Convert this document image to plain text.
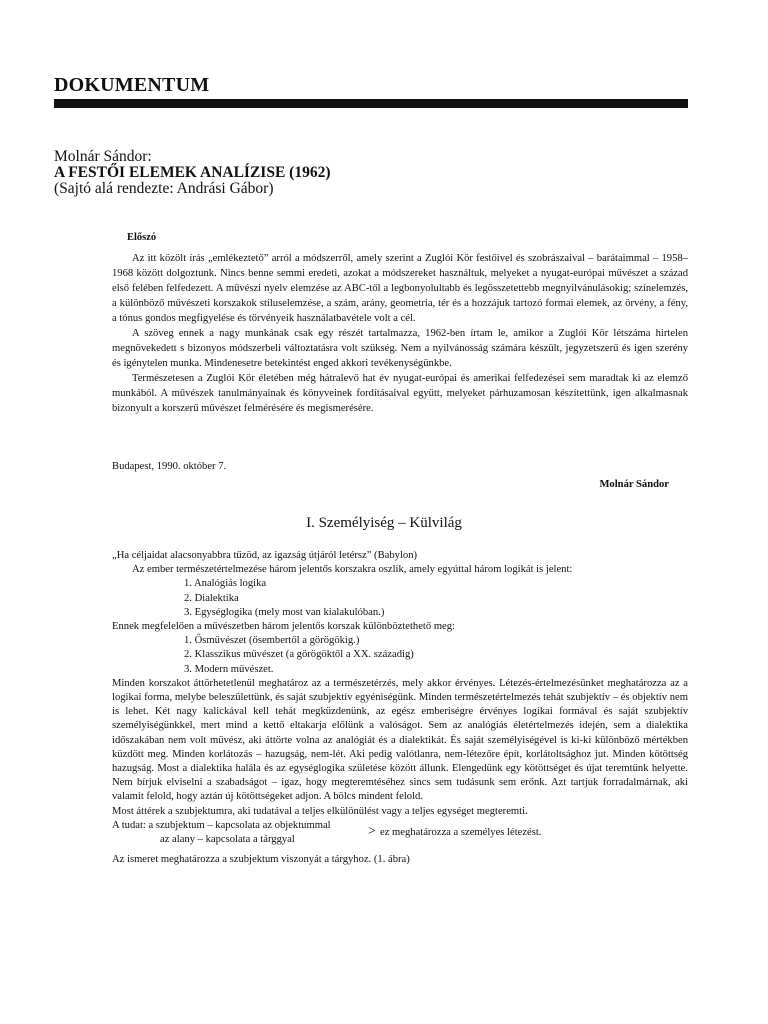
DOKUMENTUM
Molnár Sándor:
A FESTŐI ELEMEK ANALÍZISE (1962)
(Sajtó alá rendezte: Andrási Gábor)
Előszó

Az itt közölt írás „emlékeztető” arról a módszerről, amely szerint a Zuglói Kör festőivel és szobrászaival – barátaimmal – 1958–1968 között dolgoztunk. Nincs benne semmi eredeti, azokat a módszereket használtuk, melyeket a nyugat-európai művészet a század első felében felfedezett. A művészi nyelv elemzése az ABC-től a legbonyolultabb és legösszetettebb megnyilvánulásokig; színelemzés, a különböző művészeti korszakok stíluselemzése, a szám, arány, geometria, tér és a hozzájuk tartozó formai elemek, az örvény, a fény, a tónus gondos megfigyelése és törvényeik használatbavétele volt a cél.

A szöveg ennek a nagy munkának csak egy részét tartalmazza, 1962-ben írtam le, amikor a Zuglói Kör létszáma hirtelen megnövekedett s bizonyos módszerbeli változtatásra volt szükség. Nem a nyilvánosság számára készült, jegyzetszerű és igen szerény és igénytelen munka. Mindenesetre betekintést enged akkori tevékenységünkbe.

Természetesen a Zuglói Kör életében még hátralevő hat év nyugat-európai és amerikai felfedezései sem maradtak ki az elemző munkából. A művészek tanulmányainak és könyveinek fordításaival együtt, melyeket párhuzamosan készítettünk, igen alkalmasnak bizonyult a korszerű művészet felmérésére és megismerésére.

Budapest, 1990. október 7.
Molnár Sándor
I. Személyiség – Külvilág
„Ha céljaidat alacsonyabbra tűzöd, az igazság útjáról letérsz” (Babylon)
Az ember természetértelmezése három jelentős korszakra oszlik, amely egyúttal három logikát is jelent:
1. Analógiás logika
2. Dialektika
3. Egységlogika (mely most van kialakulóban.)
Ennek megfelelően a művészetben három jelentős korszak különböztethető meg:
1. Ősművészet (ősembertől a görögökig.)
2. Klasszikus művészet (a görögöktől a XX. századig)
3. Modern művészet.
Minden korszakot áttörhetetlenül meghatároz az a természetérzés, mely akkor érvényes. Létezés-értelmezésünket meghatározza az a logikai forma, melybe beleszülettünk, és saját szubjektív egyéniségünk. Minden természetértelmezés tehát szubjektív – és objektív nem is lehet. Két nagy kalickával kell tehát megküzdenünk, az egész emberiségre érvényes logikai formával és saját szubjektív személyiségünkkel, mert mind a kettő eltakarja előlünk a valóságot. Sem az analógiás életértelmezés idején, sem a dialektika időszakában nem volt művész, aki áttörte volna az analógiát és a dialektikát. És saját személyiségével is ki-ki különböző mértékben küzdött meg. Minden korlátozás – hazugság, nem-lét. Aki pedig valótlanra, nem-létezőre épít, korlátoltsághoz jut. Minden kötöttség hazugság. Most a dialektika halála és az egységlogika születése között állunk. Elengedünk egy kötöttséget és újat teremtünk helyette. Nem bírjuk elviselni a szabadságot – igaz, hogy megteremtéséhez sincs sem tudásunk sem erőnk. Azt tartjuk forradalmárnak, aki valamit felold, hogy aztán új kötöttségeket adjon. A bölcs mindent felold.
Most áttérek a szubjektumra, aki tudatával a teljes elkülönülést vagy a teljes egységet megteremti.
A tudat: a szubjektum – kapcsolata az objektummal
az alany – kapcsolata a tárggyal
> ez meghatározza a személyes létezést.
Az ismeret meghatározza a szubjektum viszonyát a tárgyhoz. (1. ábra)
